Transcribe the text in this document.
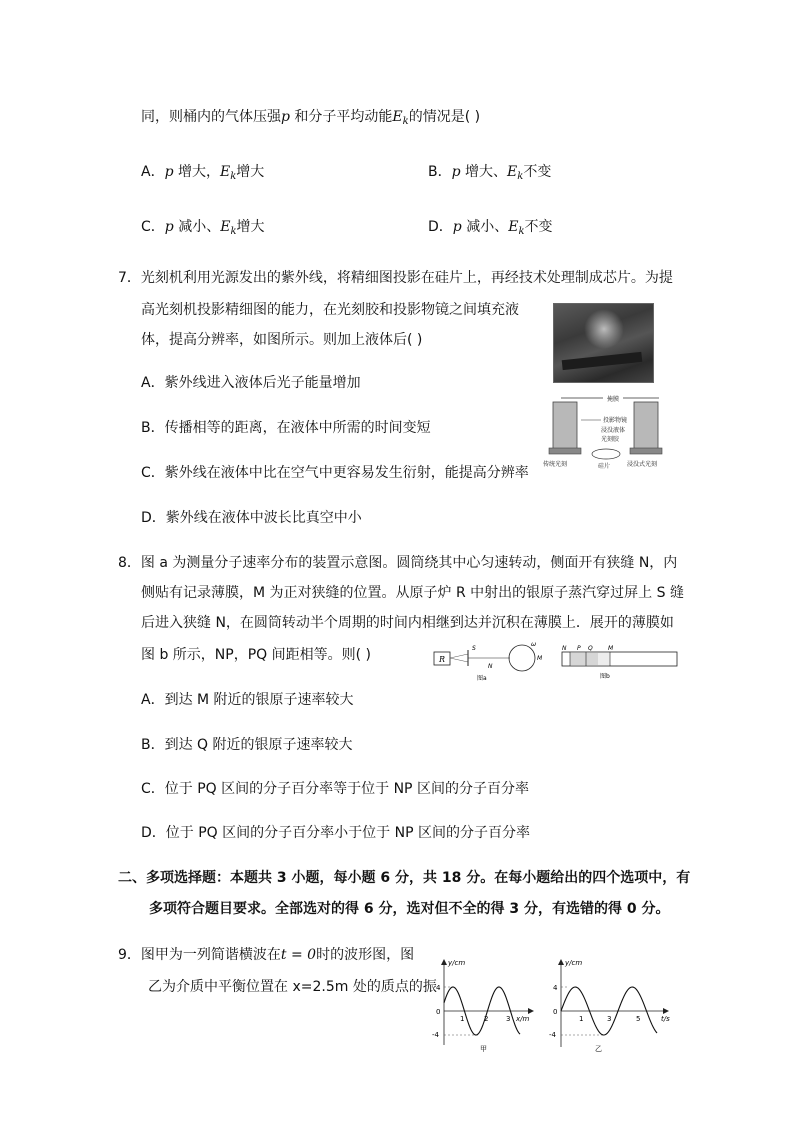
同，则桶内的气体压强p 和分子平均动能$E_k$的情况是( )
A．p 增大，$E_k$增大	B．p 增大、$E_k$不变
C．p 减小、$E_k$增大	D．p 减小、$E_k$不变
7．光刻机利用光源发出的紫外线，将精细图投影在硅片上，再经技术处理制成芯片。为提
高光刻机投影精细图的能力，在光刻胶和投影物镜之间填充液
体，提高分辨率，如图所示。则加上液体后( )
掩膜
投影物镜
浸没液体
光刻胶
硅片
传统光刻	浸没式光刻
A．紫外线进入液体后光子能量增加
B．传播相等的距离，在液体中所需的时间变短
C．紫外线在液体中比在空气中更容易发生衍射，能提高分辨率
D．紫外线在液体中波长比真空中小
8．图 a 为测量分子速率分布的装置示意图。圆筒绕其中心匀速转动，侧面开有狭缝 N，内
侧贴有记录薄膜，M 为正对狭缝的位置。从原子炉 R 中射出的银原子蒸汽穿过屏上 S 缝
后进入狭缝 N，在圆筒转动半个周期的时间内相继到达并沉积在薄膜上．展开的薄膜如
图 b 所示，NP，PQ 间距相等。则( )	R
S
N
M
ω
图a
N P Q	M
图b
A．到达 M 附近的银原子速率较大
B．到达 Q 附近的银原子速率较大
C．位于 PQ 区间的分子百分率等于位于 NP 区间的分子百分率
D．位于 PQ 区间的分子百分率小于位于 NP 区间的分子百分率
二、多项选择题：本题共 3 小题，每小题 6 分，共 18 分。在每小题给出的四个选项中，有
多项符合题目要求。全部选对的得 6 分，选对但不全的得 3 分，有选错的得 0 分。
9．图甲为一列简谐横波在t = 0时的波形图，图
乙为介质中平衡位置在 x=2.5m 处的质点的振
y/cm
x/m
4
0
-4
1	2	3
甲
y/cm
t/s
4
0
-4
1	3	5
乙
